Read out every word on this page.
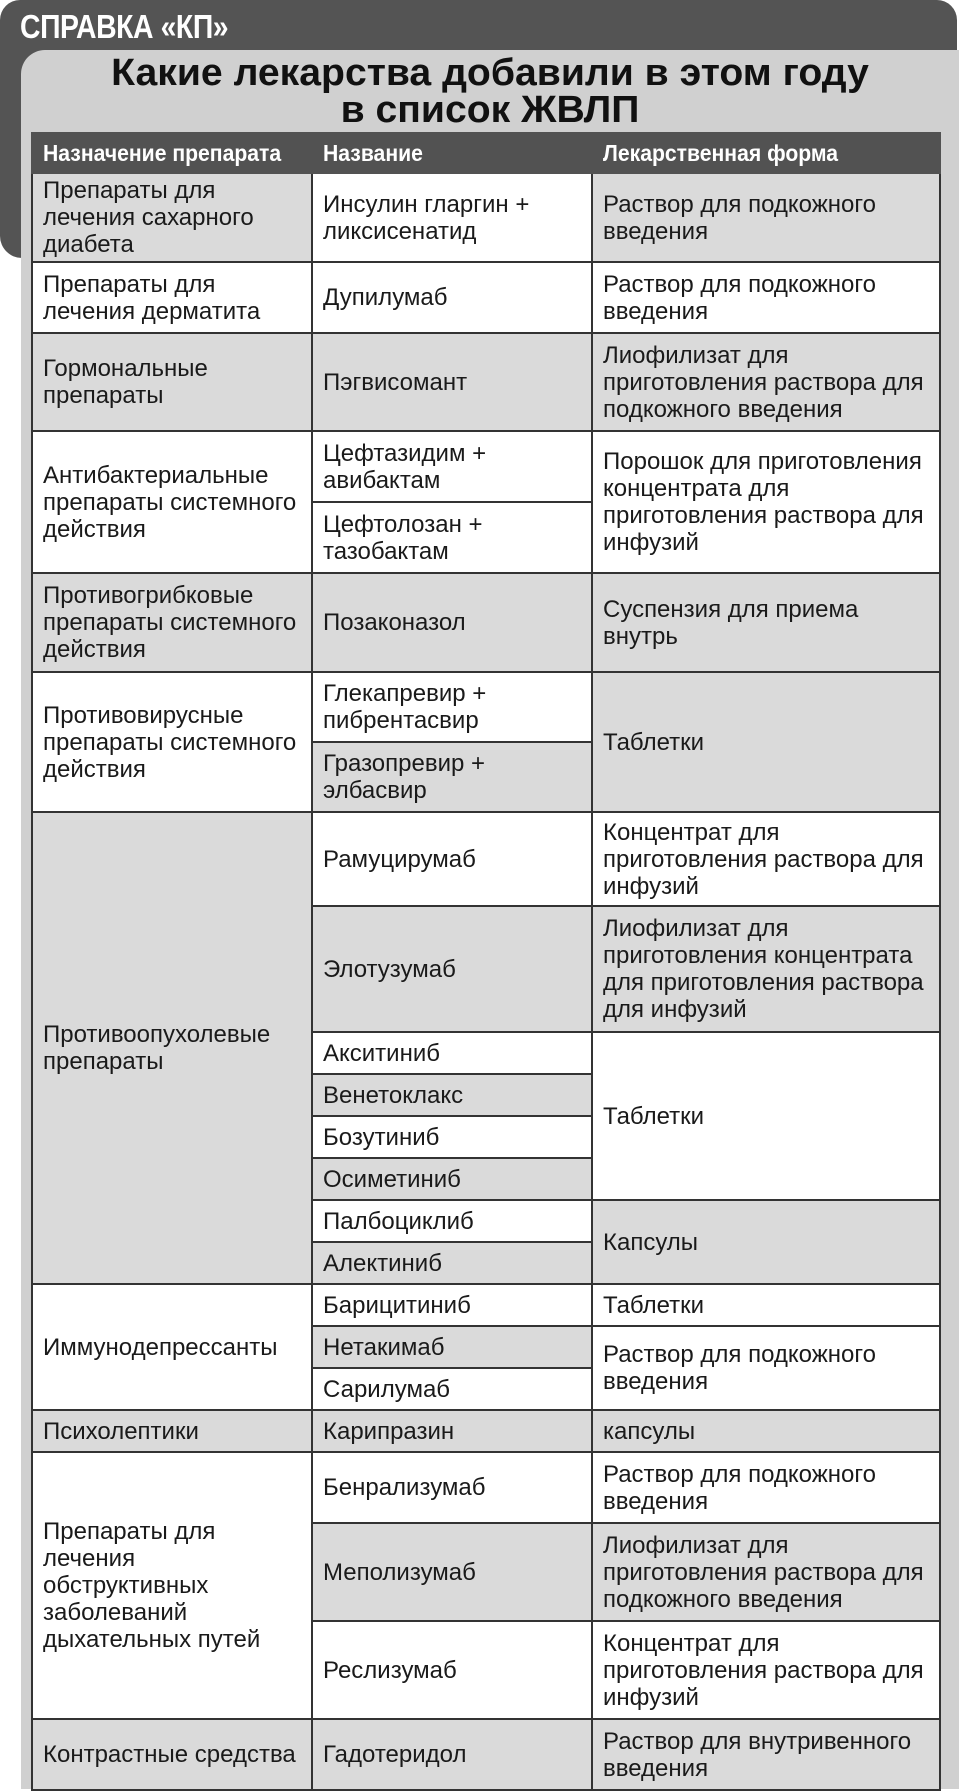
СПРАВКА «КП»
Какие лекарства добавили в этом году
в список ЖВЛП
Назначение препарата	Название	Лекарственная форма
Препараты для лечения сахарного диабета	Инсулин гларгин + ликсисенатид	Раствор для подкожного введения
Препараты для лечения дерматита	Дупилумаб	Раствор для подкожного введения
Гормональные препараты	Пэгвисомант	Лиофилизат для приготовления раствора для подкожного введения
Антибактериальные препараты системного действия	Цефтазидим + авибактам	Порошок для приготовления концентрата для приготовления раствора для инфузий
	Цефтолозан + тазобактам	
Противогрибковые препараты системного действия	Позаконазол	Суспензия для приема внутрь
Противовирусные препараты системного действия	Глекапревир + пибрентасвир	Таблетки
	Гразопревир + элбасвир	
Противоопухолевые препараты	Рамуцирумаб	Концентрат для приготовления раствора для инфузий
	Элотузумаб	Лиофилизат для приготовления концентрата для приготовления раствора для инфузий
	Акситиниб	Таблетки
	Венетоклакс	
	Бозутиниб	
	Осиметиниб	
	Палбоциклиб	Капсулы
	Алектиниб	
Иммунодепрессанты	Барицитиниб	Таблетки
	Нетакимаб	Раствор для подкожного введения
	Сарилумаб	
Психолептики	Карипразин	капсулы
Препараты для лечения обструктивных заболеваний дыхательных путей	Бенрализумаб	Раствор для подкожного введения
	Меполизумаб	Лиофилизат для приготовления раствора для подкожного введения
	Реслизумаб	Концентрат для приготовления раствора для инфузий
Контрастные средства	Гадотеридол	Раствор для внутривенного введения
